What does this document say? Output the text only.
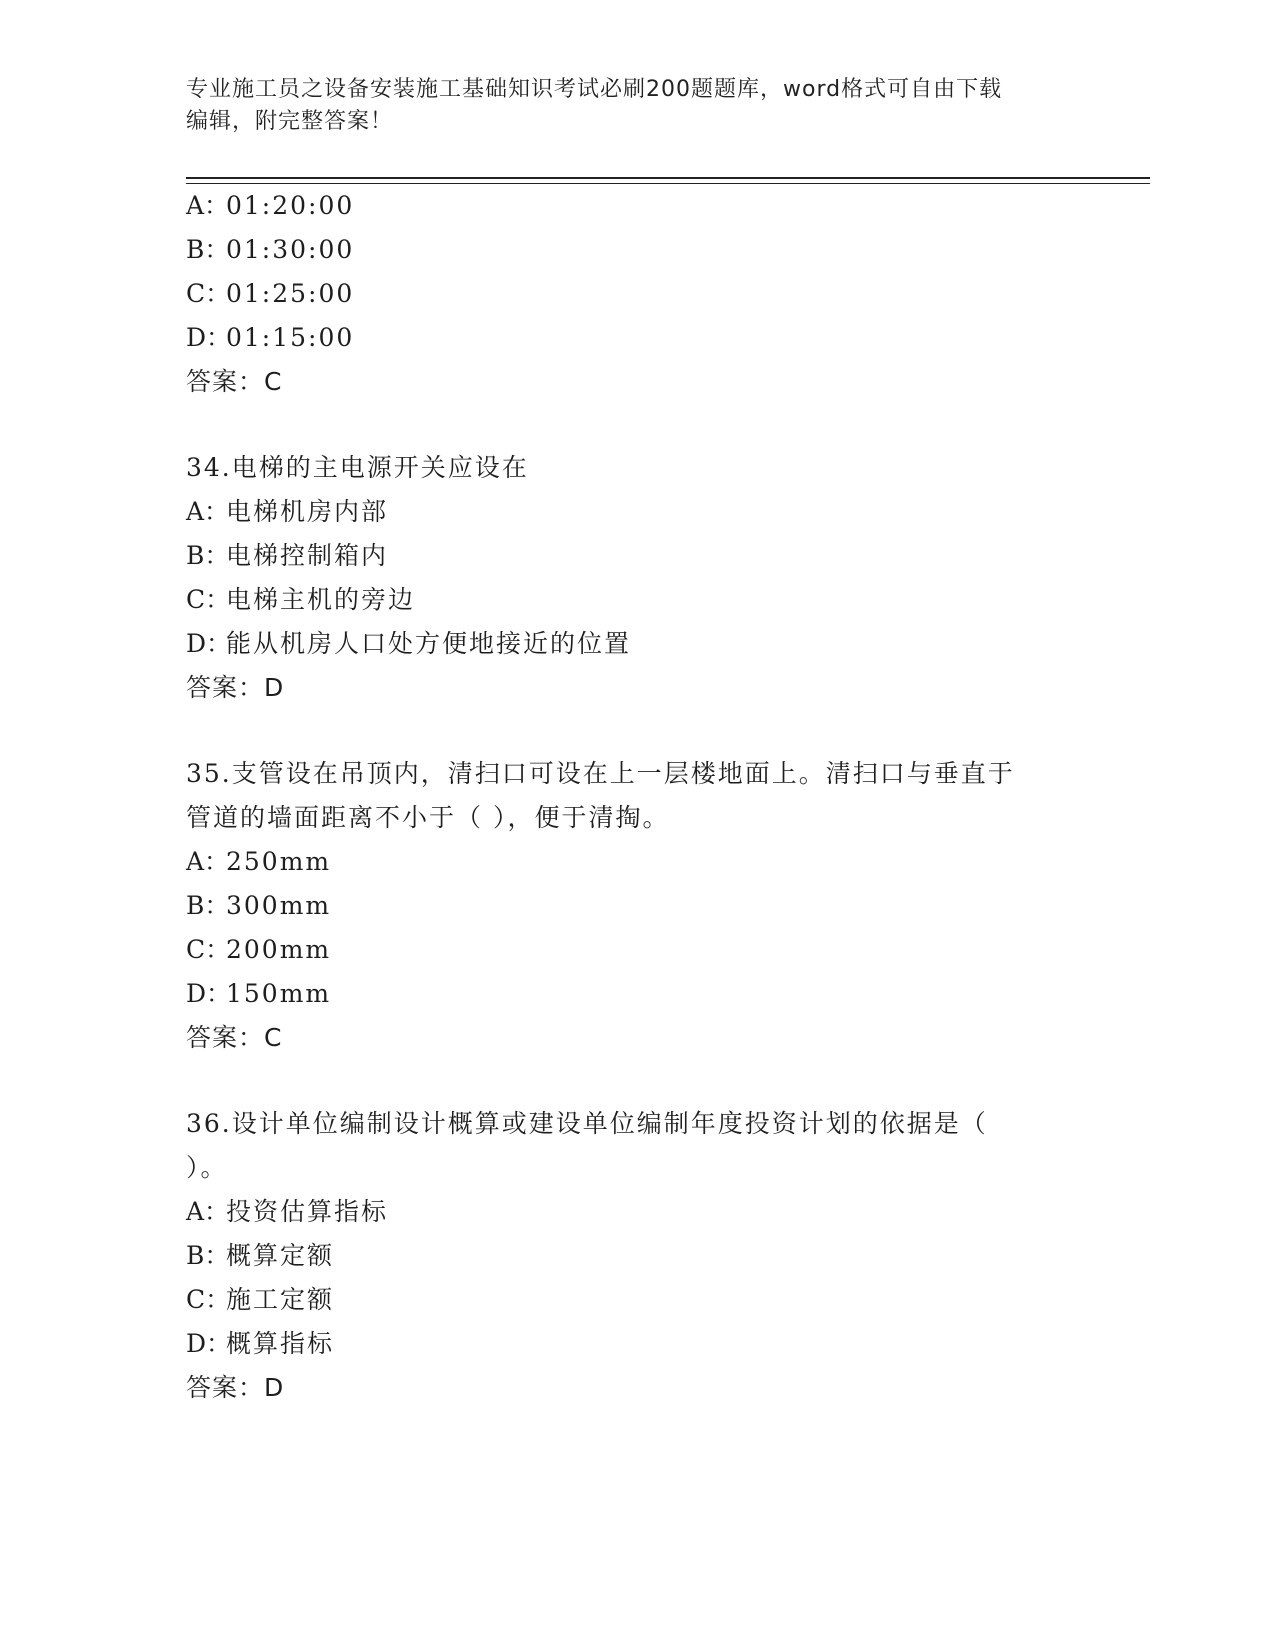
专业施工员之设备安装施工基础知识考试必刷200题题库，word格式可自由下载
编辑，附完整答案！
A：01:20:00
B：01:30:00
C：01:25:00
D：01:15:00
答案：C
34.电梯的主电源开关应设在
A：电梯机房内部
B：电梯控制箱内
C：电梯主机的旁边
D：能从机房人口处方便地接近的位置
答案：D
35.支管设在吊顶内，清扫口可设在上一层楼地面上。清扫口与垂直于
管道的墙面距离不小于（ ），便于清掏。
A：250mm
B：300mm
C：200mm
D：150mm
答案：C
36.设计单位编制设计概算或建设单位编制年度投资计划的依据是（
）。
A：投资估算指标
B：概算定额
C：施工定额
D：概算指标
答案：D
